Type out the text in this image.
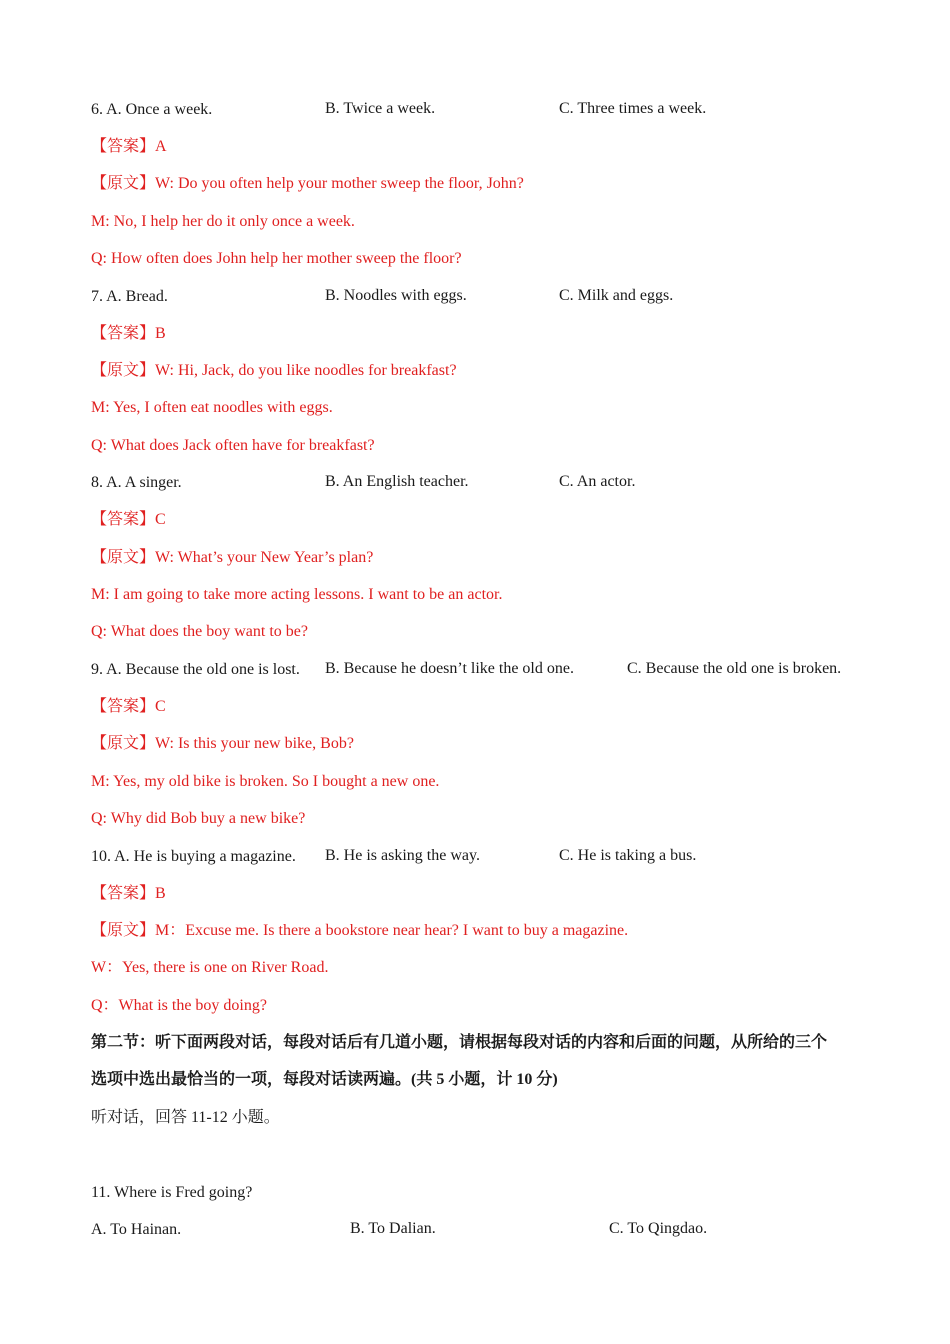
6. A. Once a week.	B. Twice a week.	C. Three times a week.
【答案】A
【原文】W: Do you often help your mother sweep the floor, John?
M: No, I help her do it only once a week.
Q: How often does John help her mother sweep the floor?
7. A. Bread.	B. Noodles with eggs.	C. Milk and eggs.
【答案】B
【原文】W: Hi, Jack, do you like noodles for breakfast?
M: Yes, I often eat noodles with eggs.
Q: What does Jack often have for breakfast?
8. A. A singer.	B. An English teacher.	C. An actor.
【答案】C
【原文】W: What’s your New Year’s plan?
M: I am going to take more acting lessons. I want to be an actor.
Q: What does the boy want to be?
9. A. Because the old one is lost. B. Because he doesn’t like the old one.	C. Because the old one is broken.
【答案】C
【原文】W: Is this your new bike, Bob?
M: Yes, my old bike is broken. So I bought a new one.
Q: Why did Bob buy a new bike?
10. A. He is buying a magazine. B. He is asking the way.	C. He is taking a bus.
【答案】B
【原文】M：Excuse me. Is there a bookstore near hear? I want to buy a magazine.
W：Yes, there is one on River Road.
Q：What is the boy doing?
第二节：听下面两段对话，每段对话后有几道小题，请根据每段对话的内容和后面的问题，从所给的三个
选项中选出最恰当的一项，每段对话读两遍。(共 5 小题，计 10 分)
听对话，回答 11-12 小题。
11. Where is Fred going?
A. To Hainan.	B. To Dalian.	C. To Qingdao.
